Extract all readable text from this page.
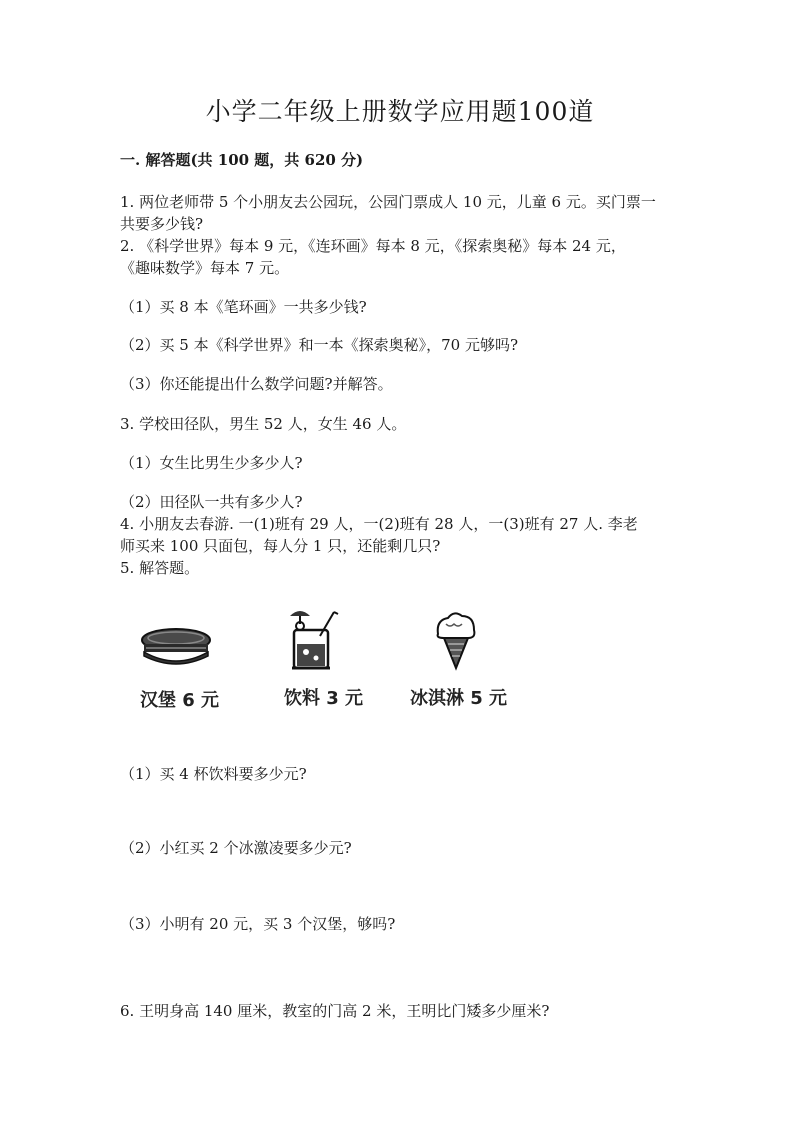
小学二年级上册数学应用题100道
一. 解答题(共 100 题，共 620 分)
1. 两位老师带 5 个小朋友去公园玩，公园门票成人 10 元，儿童 6 元。买门票一
共要多少钱?
2. 《科学世界》每本 9 元，《连环画》每本 8 元，《探索奥秘》每本 24 元，
《趣味数学》每本 7 元。
（1）买 8 本《笔环画》一共多少钱?
（2）买 5 本《科学世界》和一本《探索奥秘》，70 元够吗?
（3）你还能提出什么数学问题?并解答。
3. 学校田径队，男生 52 人，女生 46 人。
（1）女生比男生少多少人?
（2）田径队一共有多少人?
4. 小朋友去春游. 一(1)班有 29 人，一(2)班有 28 人，一(3)班有 27 人. 李老
师买来 100 只面包，每人分 1 只，还能剩几只?
5. 解答题。
汉堡 6 元	饮料 3 元	冰淇淋 5 元
（1）买 4 杯饮料要多少元?
（2）小红买 2 个冰激凌要多少元?
（3）小明有 20 元，买 3 个汉堡，够吗?
6. 王明身高 140 厘米，教室的门高 2 米，王明比门矮多少厘米?
